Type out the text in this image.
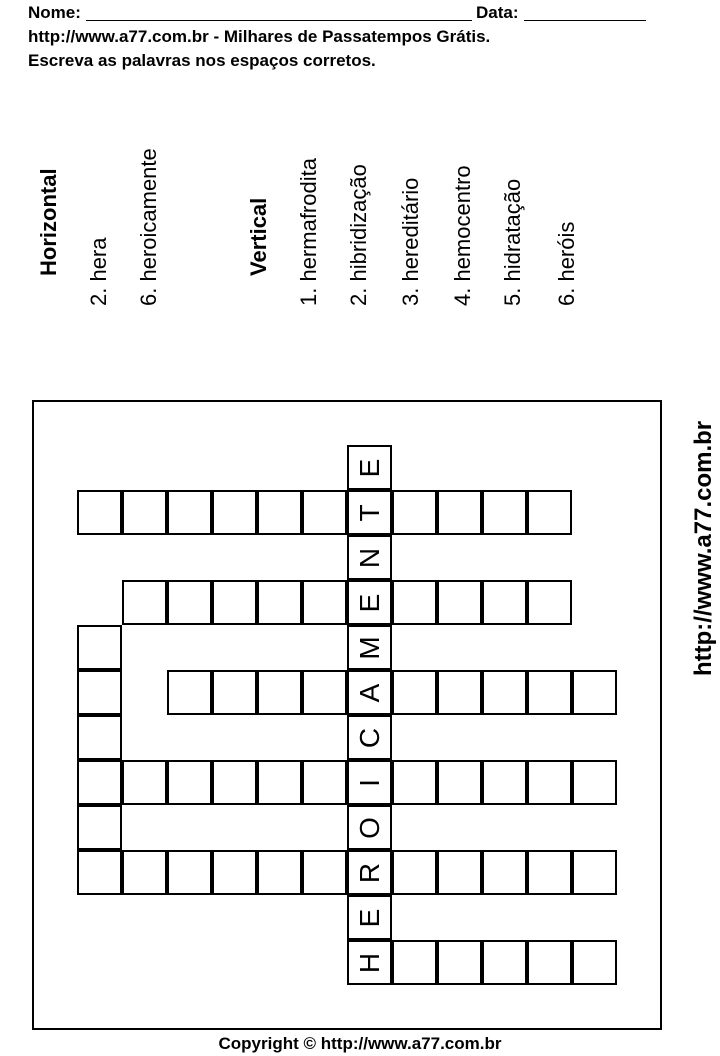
Nome:	Data:
http://www.a77.com.br - Milhares de Passatempos Grátis.
Escreva as palavras nos espaços corretos.
Horizontal 2. hera 6. heroicamente	Vertical 1. hermafrodita 2. hibridização 3. hereditário 4. hemocentro 5. hidratação 6. heróis
E
T
N
E
M
A
C
I
O
R
E
H
http://www.a77.com.br
Copyright © http://www.a77.com.br
